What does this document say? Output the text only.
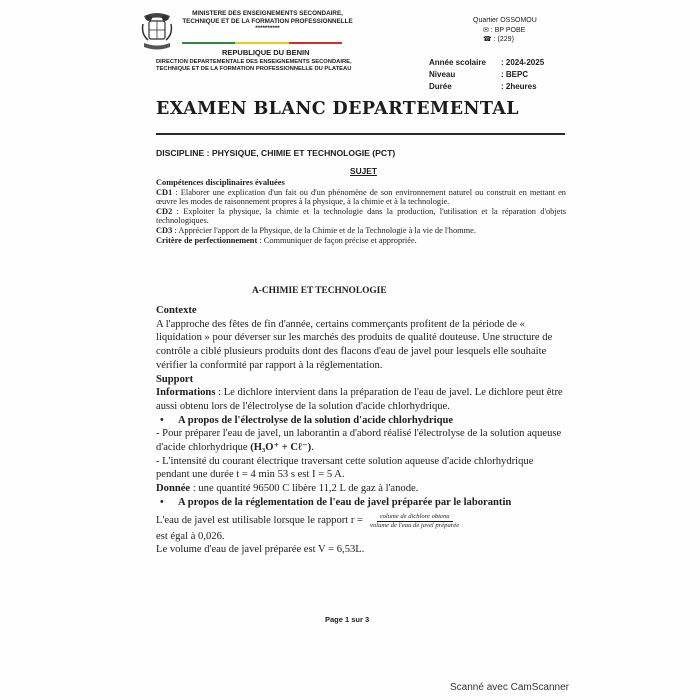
MINISTERE DES ENSEIGNEMENTS SECONDAIRE, TECHNIQUE ET DE LA FORMATION PROFESSIONNELLE
**********
REPUBLIQUE DU BENIN
DIRECTION DEPARTEMENTALE DES ENSEIGNEMENTS SECONDAIRE, TECHNIQUE ET DE LA FORMATION PROFESSIONNELLE DU PLATEAU
Quartier OSSOMOU
✉ : BP POBE
☎ : (229)
Année scolaire	: 2024-2025
Niveau	: BEPC
Durée	: 2heures
EXAMEN BLANC DEPARTEMENTAL
DISCIPLINE : PHYSIQUE, CHIMIE ET TECHNOLOGIE (PCT)
SUJET
Compétences disciplinaires évaluées
CD1 : Elaborer une explication d'un fait ou d'un phénomène de son environnement naturel ou construit en mettant en œuvre les modes de raisonnement propres à la physique, à la chimie et à la technologie.
CD2 : Exploiter la physique, la chimie et la technologie dans la production, l'utilisation et la réparation d'objets technologiques.
CD3 : Apprécier l'apport de la Physique, de la Chimie et de la Technologie à la vie de l'homme.
Critère de perfectionnement : Communiquer de façon précise et appropriée.
A-CHIMIE ET TECHNOLOGIE
Contexte

A l'approche des fêtes de fin d'année, certains commerçants profitent de la période de « liquidation » pour déverser sur les marchés des produits de qualité douteuse. Une structure de contrôle a ciblé plusieurs produits dont des flacons d'eau de javel pour lesquels elle souhaite vérifier la conformité par rapport à la réglementation.

Support

Informations : Le dichlore intervient dans la préparation de l'eau de javel. Le dichlore peut être aussi obtenu lors de l'électrolyse de la solution d'acide chlorhydrique.

•	A propos de l'électrolyse de la solution d'acide chlorhydrique

- Pour préparer l'eau de javel, un laborantin a d'abord réalisé l'électrolyse de la solution aqueuse d'acide chlorhydrique (H₃O⁺ + Cℓ⁻).

- L'intensité du courant électrique traversant cette solution aqueuse d'acide chlorhydrique pendant une durée t = 4 min 53 s est I = 5 A.

Donnée : une quantité 96500 C libère 11,2 L de gaz à l'anode.

•	A propos de la réglementation de l'eau de javel préparée par le laborantin
L'eau de javel est utilisable lorsque le rapport $r = \frac{\text{volume de dichlore obtenu}}{\text{volume de l'eau de javel préparée}}$

est égal à 0,026.

Le volume d'eau de javel préparée est V = 6,53L.

Page 1 sur 3
Scanné avec CamScanner
